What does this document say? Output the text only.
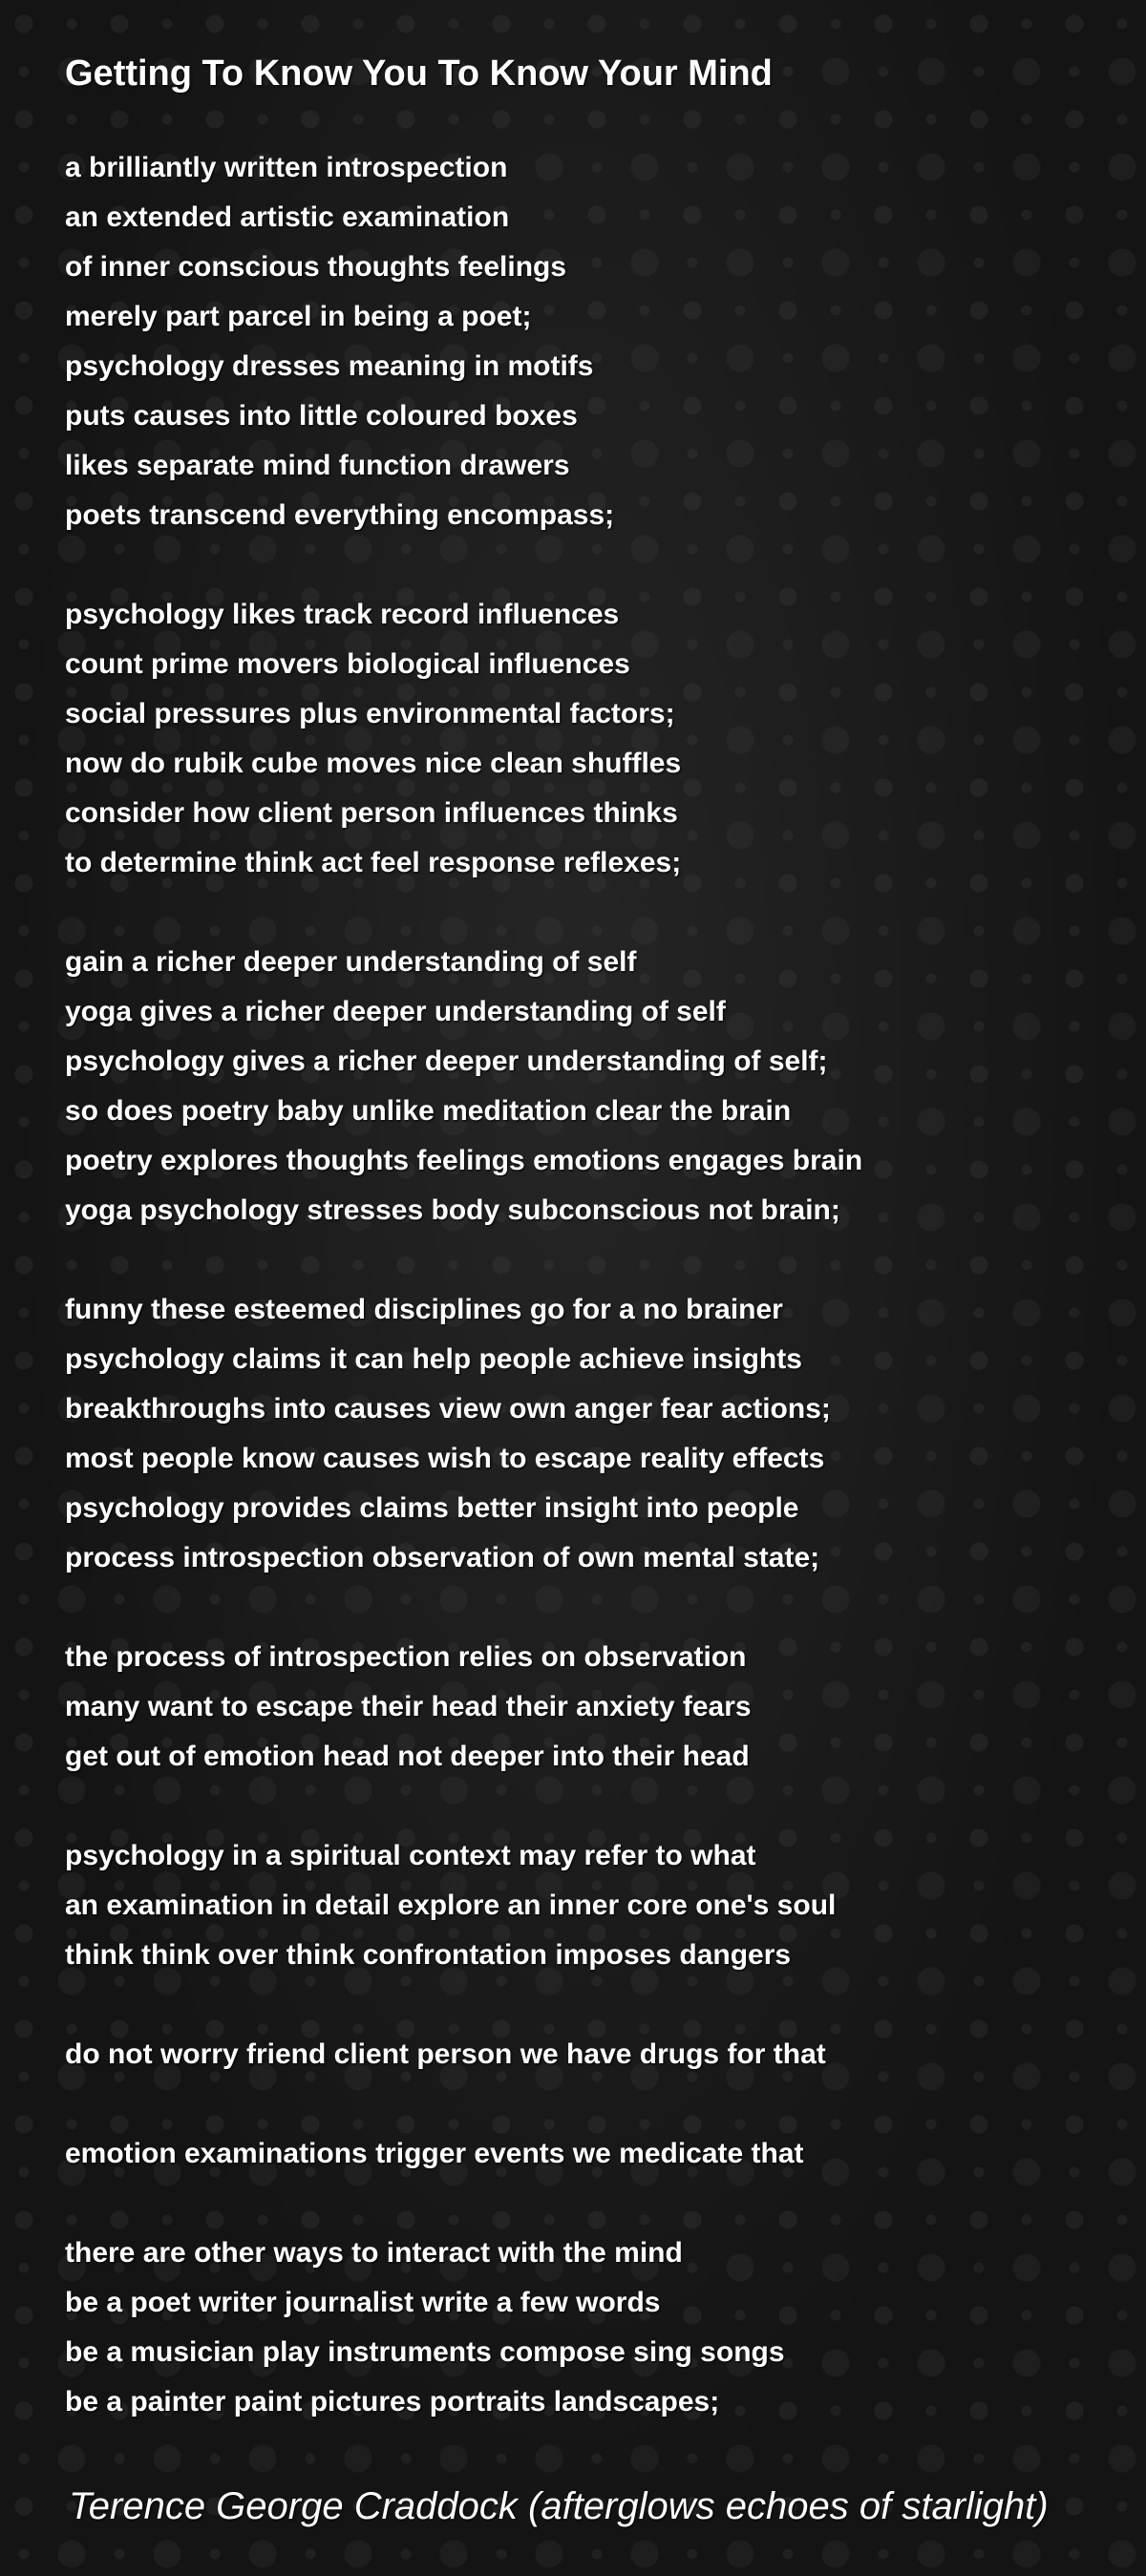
Getting To Know You To Know Your Mind
a brilliantly written introspection
an extended artistic examination
of inner conscious thoughts feelings
merely part parcel in being a poet;
psychology dresses meaning in motifs
puts causes into little coloured boxes
likes separate mind function drawers
poets transcend everything encompass;
psychology likes track record influences
count prime movers biological influences
social pressures plus environmental factors;
now do rubik cube moves nice clean shuffles
consider how client person influences thinks
to determine think act feel response reflexes;
gain a richer deeper understanding of self
yoga gives a richer deeper understanding of self
psychology gives a richer deeper understanding of self;
so does poetry baby unlike meditation clear the brain
poetry explores thoughts feelings emotions engages brain
yoga psychology stresses body subconscious not brain;
funny these esteemed disciplines go for a no brainer
psychology claims it can help people achieve insights
breakthroughs into causes view own anger fear actions;
most people know causes wish to escape reality effects
psychology provides claims better insight into people
process introspection observation of own mental state;
the process of introspection relies on observation
many want to escape their head their anxiety fears
get out of emotion head not deeper into their head
psychology in a spiritual context may refer to what
an examination in detail explore an inner core one's soul
think think over think confrontation imposes dangers
do not worry friend client person we have drugs for that
emotion examinations trigger events we medicate that
there are other ways to interact with the mind
be a poet writer journalist write a few words
be a musician play instruments compose sing songs
be a painter paint pictures portraits landscapes;
Terence George Craddock (afterglows echoes of starlight)
